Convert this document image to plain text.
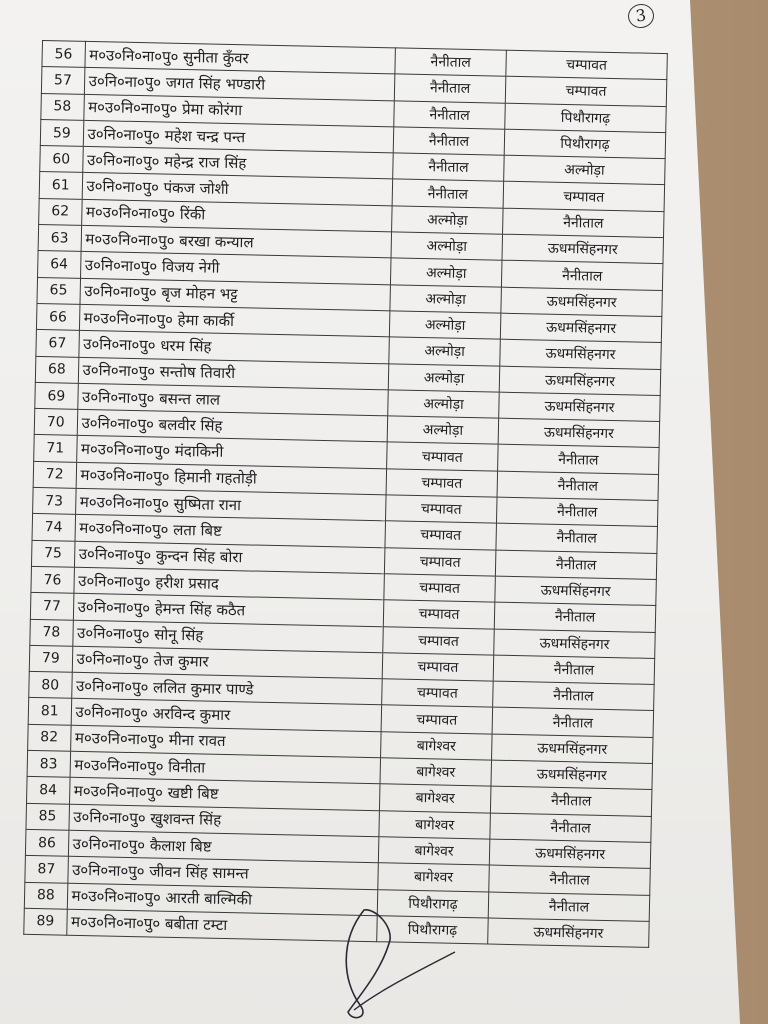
3
56	म०उ०नि०ना०पु० सुनीता कुँवर	नैनीताल	चम्पावत
57	उ०नि०ना०पु० जगत सिंह भण्डारी	नैनीताल	चम्पावत
58	म०उ०नि०ना०पु० प्रेमा कोरंगा	नैनीताल	पिथौरागढ़
59	उ०नि०ना०पु० महेश चन्द्र पन्त	नैनीताल	पिथौरागढ़
60	उ०नि०ना०पु० महेन्द्र राज सिंह	नैनीताल	अल्मोड़ा
61	उ०नि०ना०पु० पंकज जोशी	नैनीताल	चम्पावत
62	म०उ०नि०ना०पु० रिंकी	अल्मोड़ा	नैनीताल
63	म०उ०नि०ना०पु० बरखा कन्याल	अल्मोड़ा	ऊधमसिंहनगर
64	उ०नि०ना०पु० विजय नेगी	अल्मोड़ा	नैनीताल
65	उ०नि०ना०पु० बृज मोहन भट्ट	अल्मोड़ा	ऊधमसिंहनगर
66	म०उ०नि०ना०पु० हेमा कार्की	अल्मोड़ा	ऊधमसिंहनगर
67	उ०नि०ना०पु० धरम सिंह	अल्मोड़ा	ऊधमसिंहनगर
68	उ०नि०ना०पु० सन्तोष तिवारी	अल्मोड़ा	ऊधमसिंहनगर
69	उ०नि०ना०पु० बसन्त लाल	अल्मोड़ा	ऊधमसिंहनगर
70	उ०नि०ना०पु० बलवीर सिंह	अल्मोड़ा	ऊधमसिंहनगर
71	म०उ०नि०ना०पु० मंदाकिनी	चम्पावत	नैनीताल
72	म०उ०नि०ना०पु० हिमानी गहतोड़ी	चम्पावत	नैनीताल
73	म०उ०नि०ना०पु० सुष्मिता राना	चम्पावत	नैनीताल
74	म०उ०नि०ना०पु० लता बिष्ट	चम्पावत	नैनीताल
75	उ०नि०ना०पु० कुन्दन सिंह बोरा	चम्पावत	नैनीताल
76	उ०नि०ना०पु० हरीश प्रसाद	चम्पावत	ऊधमसिंहनगर
77	उ०नि०ना०पु० हेमन्त सिंह कठैत	चम्पावत	नैनीताल
78	उ०नि०ना०पु० सोनू सिंह	चम्पावत	ऊधमसिंहनगर
79	उ०नि०ना०पु० तेज कुमार	चम्पावत	नैनीताल
80	उ०नि०ना०पु० ललित कुमार पाण्डे	चम्पावत	नैनीताल
81	उ०नि०ना०पु० अरविन्द कुमार	चम्पावत	नैनीताल
82	म०उ०नि०ना०पु० मीना रावत	बागेश्वर	ऊधमसिंहनगर
83	म०उ०नि०ना०पु० विनीता	बागेश्वर	ऊधमसिंहनगर
84	म०उ०नि०ना०पु० खष्टी बिष्ट	बागेश्वर	नैनीताल
85	उ०नि०ना०पु० खुशवन्त सिंह	बागेश्वर	नैनीताल
86	उ०नि०ना०पु० कैलाश बिष्ट	बागेश्वर	ऊधमसिंहनगर
87	उ०नि०ना०पु० जीवन सिंह सामन्त	बागेश्वर	नैनीताल
88	म०उ०नि०ना०पु० आरती बाल्मिकी	पिथौरागढ़	नैनीताल
89	म०उ०नि०ना०पु० बबीता टम्टा	पिथौरागढ़	ऊधमसिंहनगर
